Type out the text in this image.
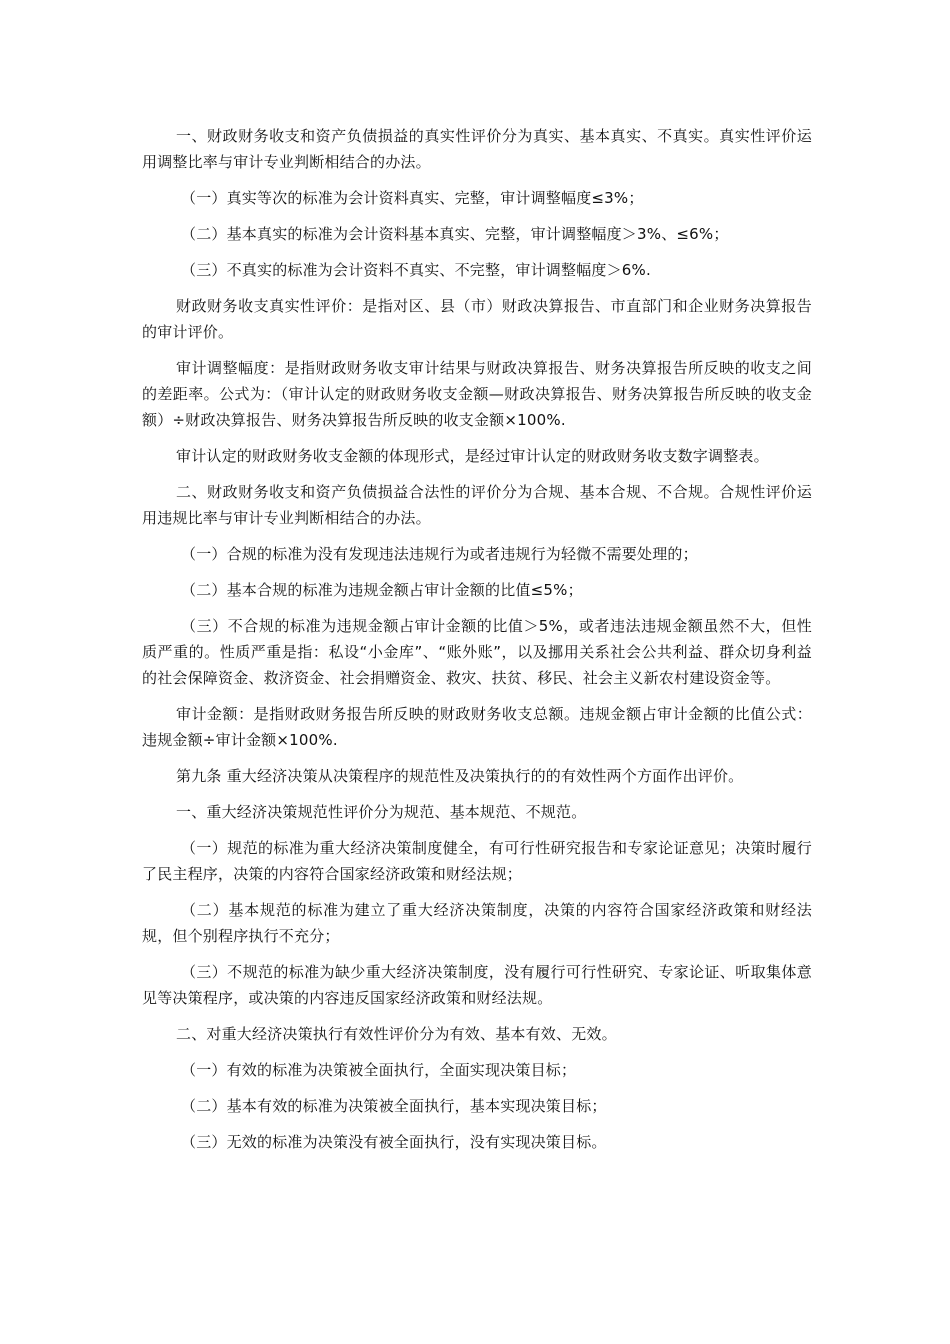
一、财政财务收支和资产负债损益的真实性评价分为真实、基本真实、不真实。真实性评价运用调整比率与审计专业判断相结合的办法。

（一）真实等次的标准为会计资料真实、完整，审计调整幅度≤3%；

（二）基本真实的标准为会计资料基本真实、完整，审计调整幅度＞3%、≤6%；

（三）不真实的标准为会计资料不真实、不完整，审计调整幅度＞6%.

财政财务收支真实性评价：是指对区、县（市）财政决算报告、市直部门和企业财务决算报告的审计评价。

审计调整幅度：是指财政财务收支审计结果与财政决算报告、财务决算报告所反映的收支之间的差距率。公式为：（审计认定的财政财务收支金额—财政决算报告、财务决算报告所反映的收支金额）÷财政决算报告、财务决算报告所反映的收支金额×100%.

审计认定的财政财务收支金额的体现形式，是经过审计认定的财政财务收支数字调整表。

二、财政财务收支和资产负债损益合法性的评价分为合规、基本合规、不合规。合规性评价运用违规比率与审计专业判断相结合的办法。

（一）合规的标准为没有发现违法违规行为或者违规行为轻微不需要处理的；

（二）基本合规的标准为违规金额占审计金额的比值≤5%；

（三）不合规的标准为违规金额占审计金额的比值＞5%，或者违法违规金额虽然不大，但性质严重的。性质严重是指：私设“小金库”、“账外账”，以及挪用关系社会公共利益、群众切身利益的社会保障资金、救济资金、社会捐赠资金、救灾、扶贫、移民、社会主义新农村建设资金等。

审计金额：是指财政财务报告所反映的财政财务收支总额。违规金额占审计金额的比值公式：违规金额÷审计金额×100%.

第九条 重大经济决策从决策程序的规范性及决策执行的的有效性两个方面作出评价。

一、重大经济决策规范性评价分为规范、基本规范、不规范。

（一）规范的标准为重大经济决策制度健全，有可行性研究报告和专家论证意见；决策时履行了民主程序，决策的内容符合国家经济政策和财经法规；

（二）基本规范的标准为建立了重大经济决策制度，决策的内容符合国家经济政策和财经法规，但个别程序执行不充分；

（三）不规范的标准为缺少重大经济决策制度，没有履行可行性研究、专家论证、听取集体意见等决策程序，或决策的内容违反国家经济政策和财经法规。

二、对重大经济决策执行有效性评价分为有效、基本有效、无效。

（一）有效的标准为决策被全面执行，全面实现决策目标；

（二）基本有效的标准为决策被全面执行，基本实现决策目标；

（三）无效的标准为决策没有被全面执行，没有实现决策目标。
